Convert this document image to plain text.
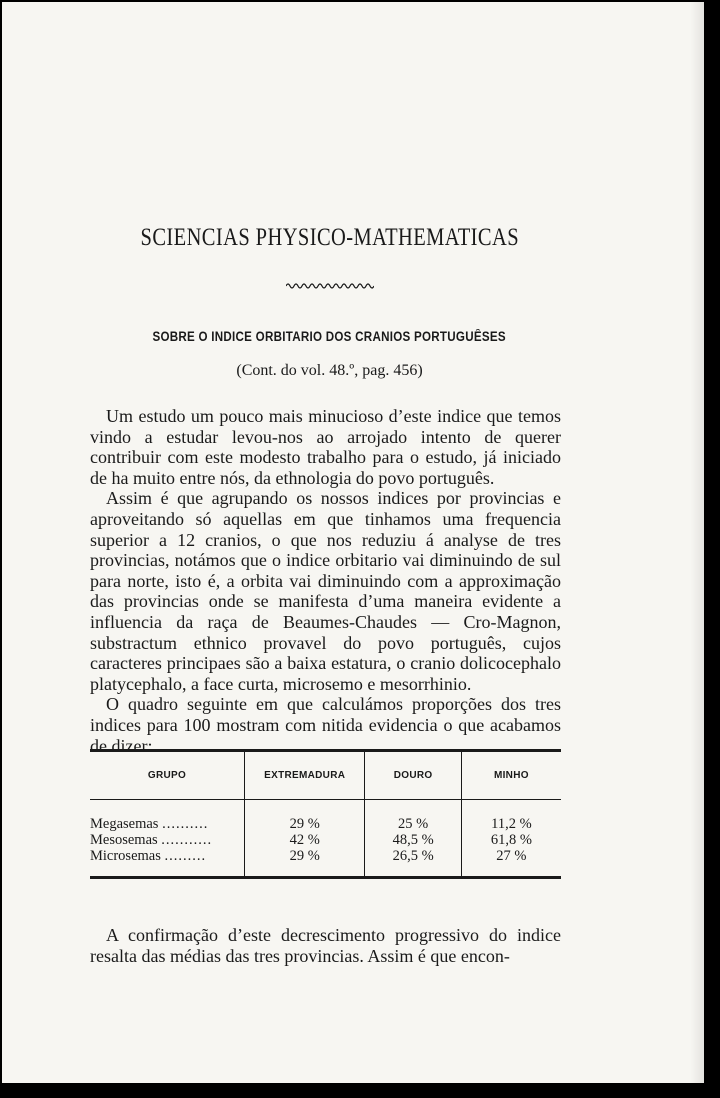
SCIENCIAS PHYSICO-MATHEMATICAS
SOBRE O INDICE ORBITARIO DOS CRANIOS PORTUGUÊSES
(Cont. do vol. 48.º, pag. 456)

Um estudo um pouco mais minucioso d’este indice que temos vindo a estudar levou-nos ao arrojado intento de querer contribuir com este modesto trabalho para o estudo, já iniciado de ha muito entre nós, da ethnologia do povo português.

Assim é que agrupando os nossos indices por provincias e aproveitando só aquellas em que tinhamos uma frequencia superior a 12 cranios, o que nos reduziu á analyse de tres provincias, notámos que o indice orbitario vai diminuindo de sul para norte, isto é, a orbita vai diminuindo com a approximação das provincias onde se manifesta d’uma maneira evidente a influencia da raça de Beaumes-Chaudes — Cro-Magnon, substractum ethnico provavel do povo português, cujos caracteres principaes são a baixa estatura, o cranio dolicocephalo platycephalo, a face curta, microsemo e mesorrhinio.

O quadro seguinte em que calculámos proporções dos tres indices para 100 mostram com nitida evidencia o que acabamos de dizer:

GRUPO	EXTREMADURA	DOURO	MINHO

Megasemas ..........	29 %	25 %	11,2 %
Mesosemas ...........	42 %	48,5 %	61,8 %
Microsemas .........	29 %	26,5 %	27 %

A confirmação d’este decrescimento progressivo do indice resalta das médias das tres provincias. Assim é que encon-
